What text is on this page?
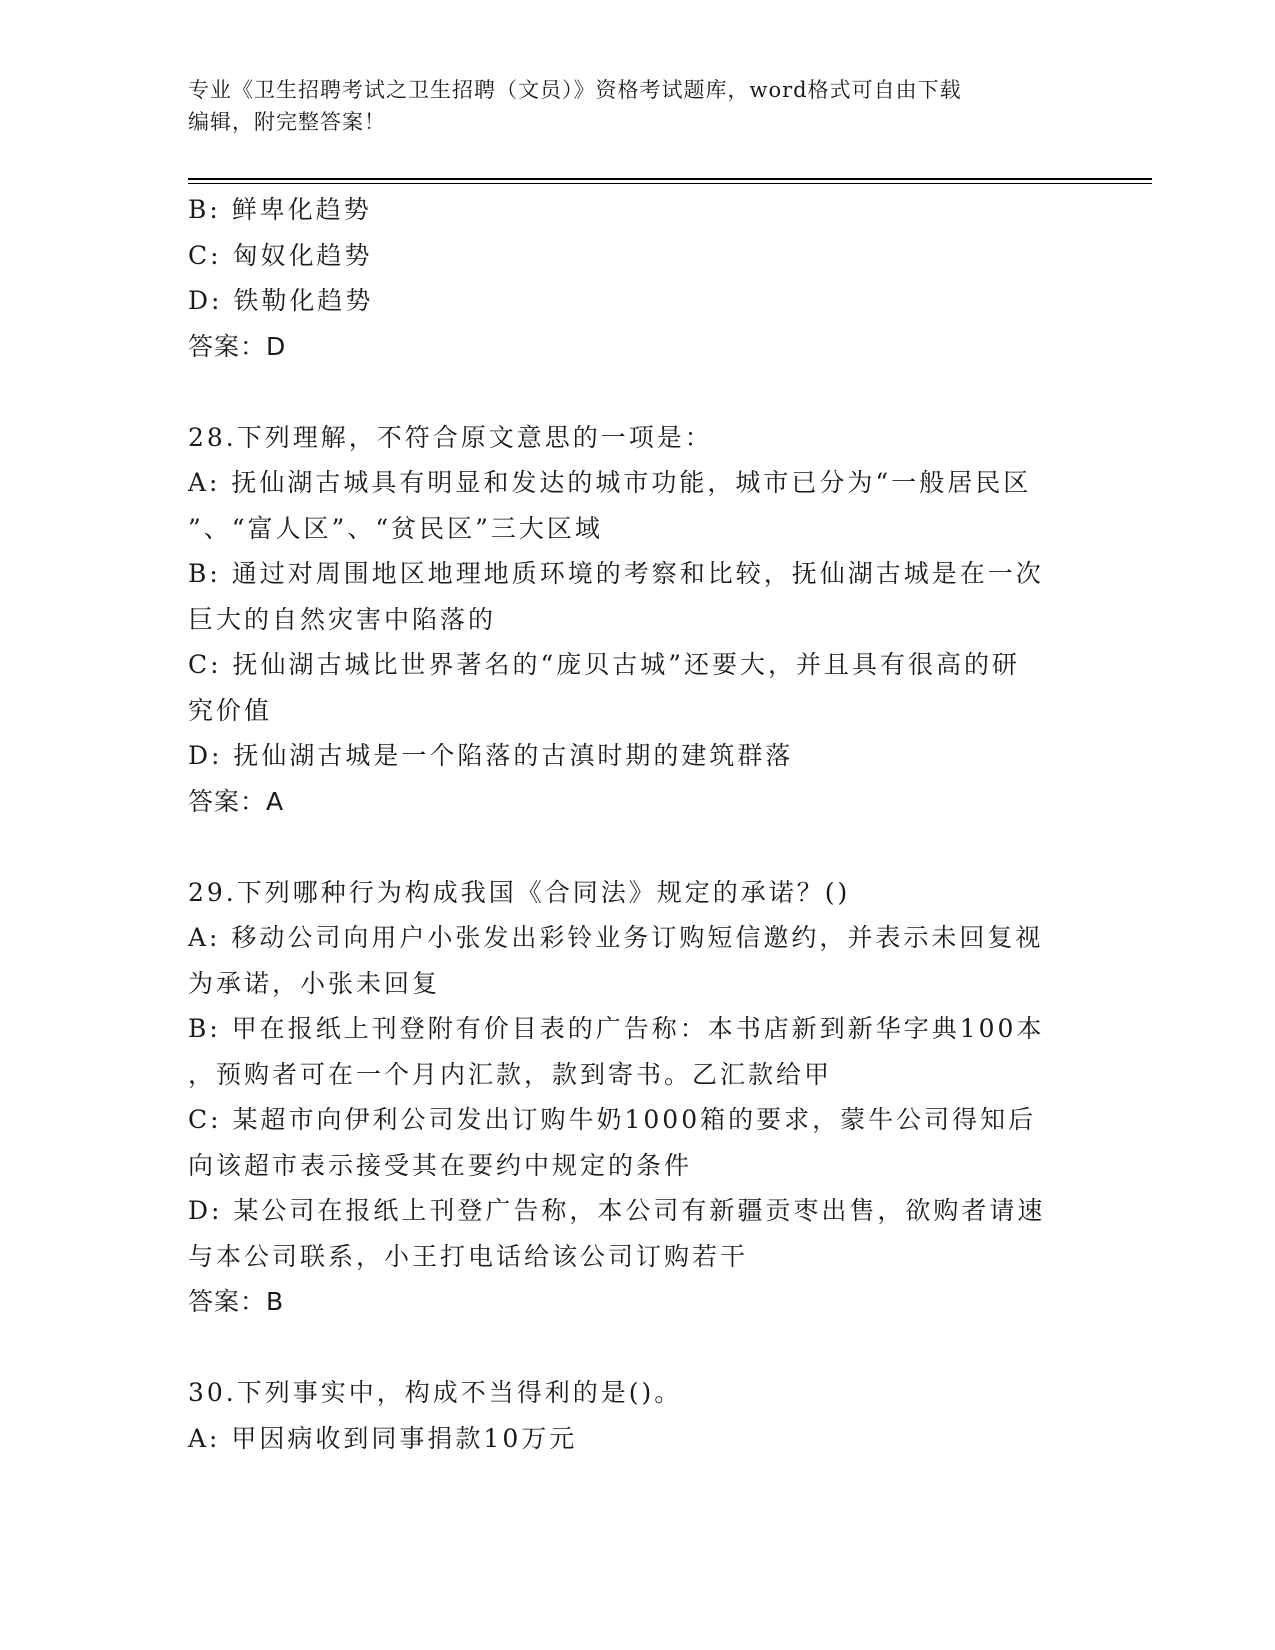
专业《卫生招聘考试之卫生招聘（文员）》资格考试题库，word格式可自由下载
编辑，附完整答案！

B: 鲜卑化趋势

C: 匈奴化趋势

D: 铁勒化趋势

答案：D

28.下列理解，不符合原文意思的一项是：

A: 抚仙湖古城具有明显和发达的城市功能，城市已分为“一般居民区

”、“富人区”、“贫民区”三大区域

B: 通过对周围地区地理地质环境的考察和比较，抚仙湖古城是在一次

巨大的自然灾害中陷落的

C: 抚仙湖古城比世界著名的“庞贝古城”还要大，并且具有很高的研

究价值

D: 抚仙湖古城是一个陷落的古滇时期的建筑群落

答案：A

29.下列哪种行为构成我国《合同法》规定的承诺？()

A: 移动公司向用户小张发出彩铃业务订购短信邀约，并表示未回复视

为承诺，小张未回复

B: 甲在报纸上刊登附有价目表的广告称：本书店新到新华字典100本

，预购者可在一个月内汇款，款到寄书。乙汇款给甲

C: 某超市向伊利公司发出订购牛奶1000箱的要求，蒙牛公司得知后

向该超市表示接受其在要约中规定的条件

D: 某公司在报纸上刊登广告称，本公司有新疆贡枣出售，欲购者请速

与本公司联系，小王打电话给该公司订购若干

答案：B

30.下列事实中，构成不当得利的是()。

A: 甲因病收到同事捐款10万元
